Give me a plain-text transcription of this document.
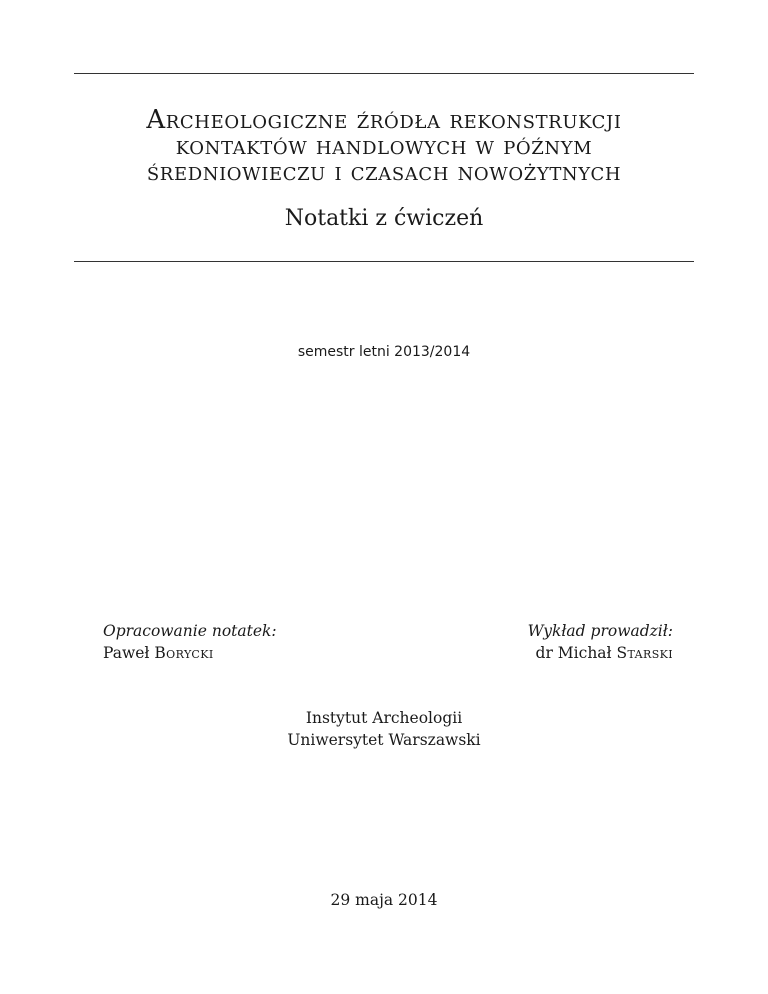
Archeologiczne źródła rekonstrukcji
kontaktów handlowych w późnym
średniowieczu i czasach nowożytnych
Notatki z ćwiczeń
semestr letni 2013/2014
Opracowanie notatek:
Paweł Borycki
Wykład prowadził:
dr Michał Starski
Instytut Archeologii
Uniwersytet Warszawski
29 maja 2014
